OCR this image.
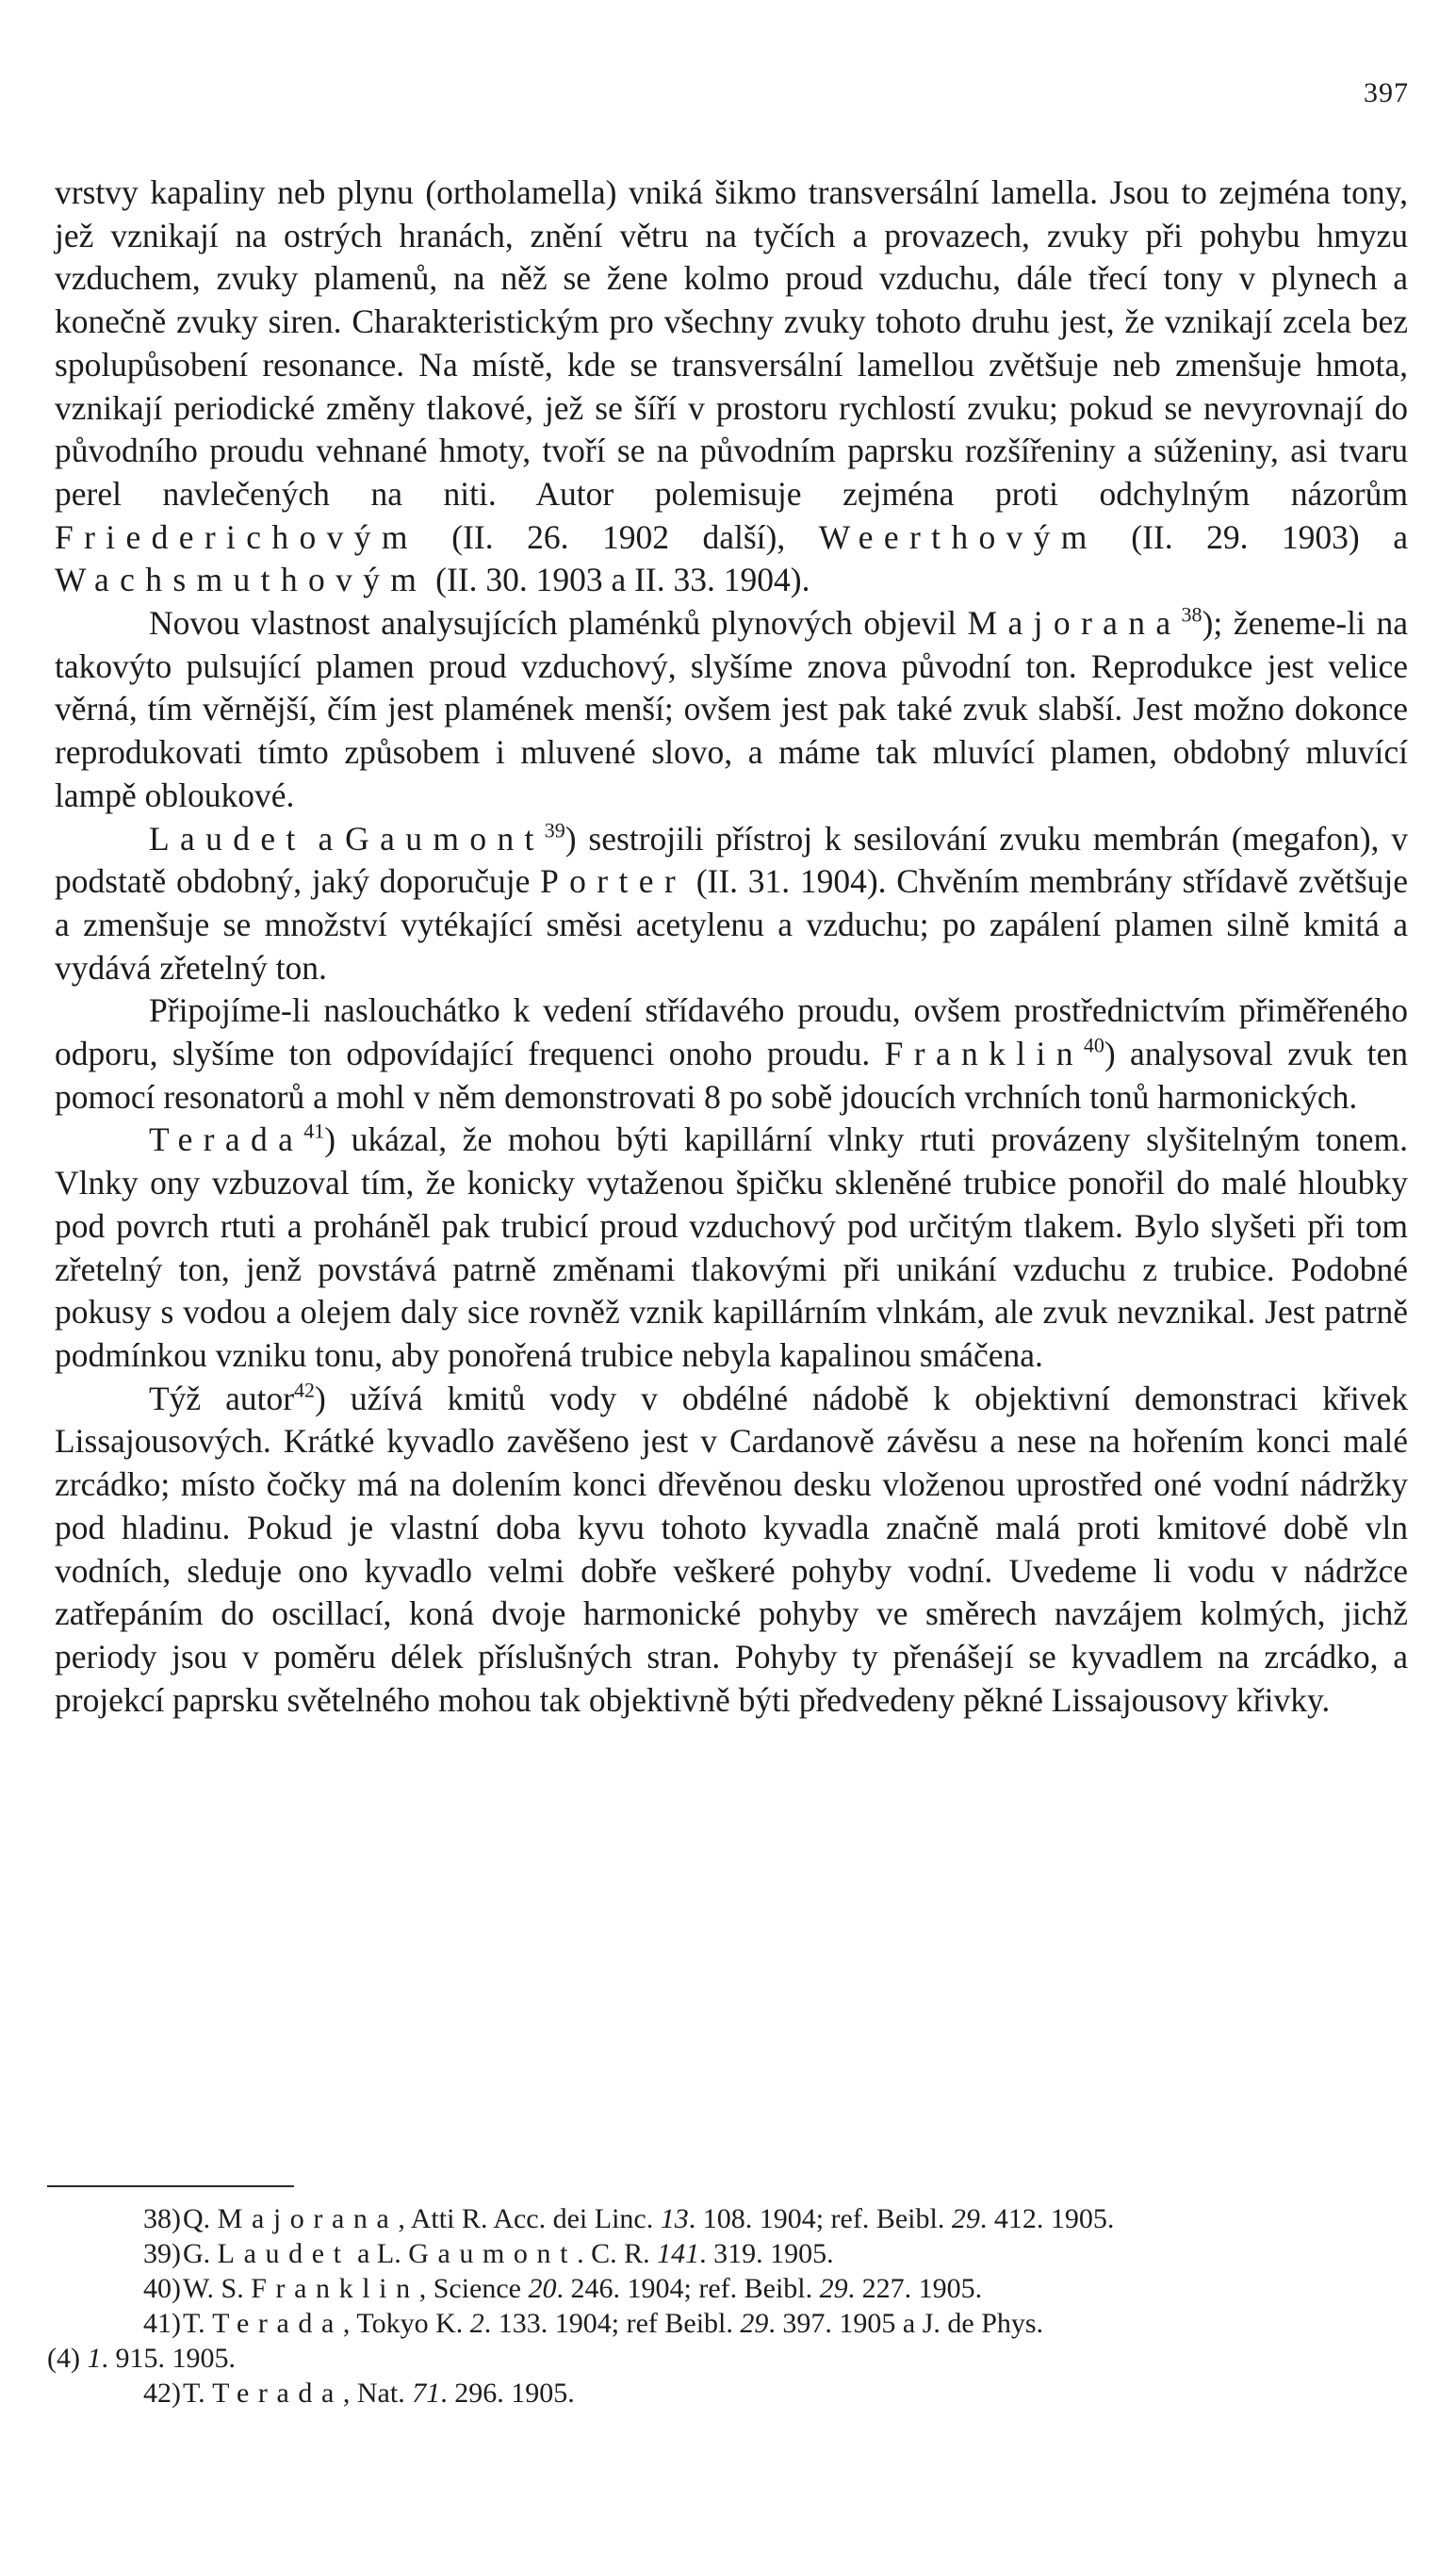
397

vrstvy kapaliny neb plynu (ortholamella) vniká šikmo transversální lamella. Jsou to zejména tony, jež vznikají na ostrých hranách, znění větru na tyčích a provazech, zvuky při pohybu hmyzu vzduchem, zvuky plamenů, na něž se žene kolmo proud vzduchu, dále třecí tony v plynech a konečně zvuky siren. Charakteristickým pro všechny zvuky tohoto druhu jest, že vznikají zcela bez spolupůsobení resonance. Na místě, kde se transversální lamellou zvětšuje neb zmenšuje hmota, vznikají periodické změny tlakové, jež se šíří v prostoru rychlostí zvuku; pokud se nevyrovnají do původního proudu vehnané hmoty, tvoří se na původním paprsku rozšířeniny a súženiny, asi tvaru perel navlečených na niti. Autor polemisuje zejména proti odchylným názorům Friederichovým (II. 26. 1902 další), Weerthovým (II. 29. 1903) a Wachsmuthovým (II. 30. 1903 a II. 33. 1904).

Novou vlastnost analysujících plaménků plynových objevil Majorana$^{38}$); ženeme-li na takovýto pulsující plamen proud vzduchový, slyšíme znova původní ton. Reprodukce jest velice věrná, tím věrnější, čím jest plamének menší; ovšem jest pak také zvuk slabší. Jest možno dokonce reprodukovati tímto způsobem i mluvené slovo, a máme tak mluvící plamen, obdobný mluvící lampě obloukové.

Laudet a Gaumont$^{39}$) sestrojili přístroj k sesilování zvuku membrán (megafon), v podstatě obdobný, jaký doporučuje Porter (II. 31. 1904). Chvěním membrány střídavě zvětšuje a zmenšuje se množství vytékající směsi acetylenu a vzduchu; po zapálení plamen silně kmitá a vydává zřetelný ton.

Připojíme-li naslouchátko k vedení střídavého proudu, ovšem prostřednictvím přiměřeného odporu, slyšíme ton odpovídající frequenci onoho proudu. Franklin$^{40}$) analysoval zvuk ten pomocí resonatorů a mohl v něm demonstrovati 8 po sobě jdoucích vrchních tonů harmonických.

Terada$^{41}$) ukázal, že mohou býti kapillární vlnky rtuti provázeny slyšitelným tonem. Vlnky ony vzbuzoval tím, že konicky vytaženou špičku skleněné trubice ponořil do malé hloubky pod povrch rtuti a proháněl pak trubicí proud vzduchový pod určitým tlakem. Bylo slyšeti při tom zřetelný ton, jenž povstává patrně změnami tlakovými při unikání vzduchu z trubice. Podobné pokusy s vodou a olejem daly sice rovněž vznik kapillárním vlnkám, ale zvuk nevznikal. Jest patrně podmínkou vzniku tonu, aby ponořená trubice nebyla kapalinou smáčena.

Týž autor$^{42}$) užívá kmitů vody v obdélné nádobě k objektivní demonstraci křivek Lissajousových. Krátké kyvadlo zavěšeno jest v Cardanově závěsu a nese na hořením konci malé zrcádko; místo čočky má na dolením konci dřevěnou desku vloženou uprostřed oné vodní nádržky pod hladinu. Pokud je vlastní doba kyvu tohoto kyvadla značně malá proti kmitové době vln vodních, sleduje ono kyvadlo velmi dobře veškeré pohyby vodní. Uvedeme li vodu v nádržce zatřepáním do oscillací, koná dvoje harmonické pohyby ve směrech navzájem kolmých, jichž periody jsou v poměru délek příslušných stran. Pohyby ty přenášejí se kyvadlem na zrcádko, a projekcí paprsku světelného mohou tak objektivně býti předvedeny pěkné Lissajousovy křivky.

38)Q. Majorana, Atti R. Acc. dei Linc. 13. 108. 1904; ref. Beibl. 29. 412. 1905.

39)G. Laudet a L. Gaumont. C. R. 141. 319. 1905.

40)W. S. Franklin, Science 20. 246. 1904; ref. Beibl. 29. 227. 1905.

41)T. Terada, Tokyo K. 2. 133. 1904; ref Beibl. 29. 397. 1905 a J. de Phys.

(4) 1. 915. 1905.

42)T. Terada, Nat. 71. 296. 1905.
